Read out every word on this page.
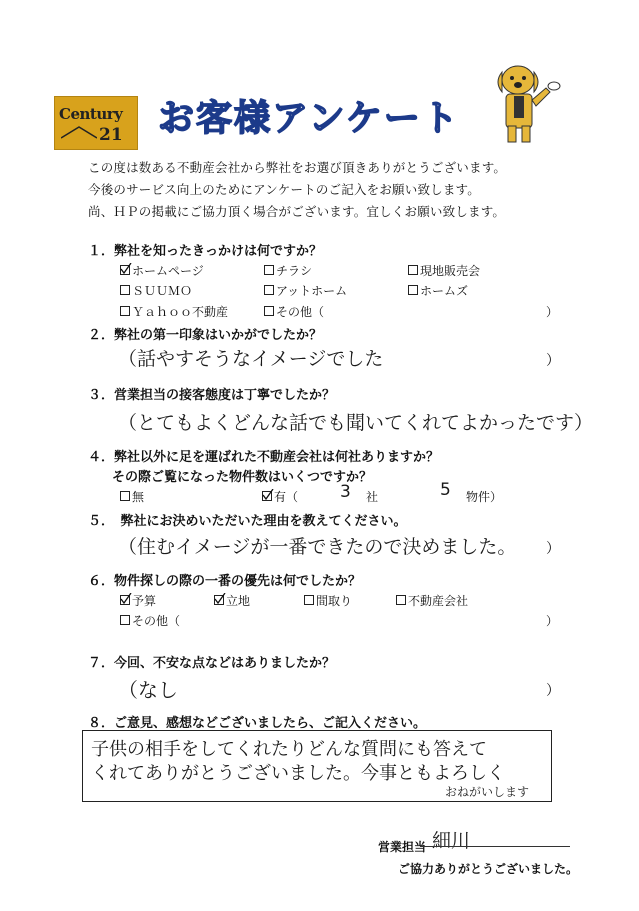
Century
21 お客様アンケート
この度は数ある不動産会社から弊社をお選び頂きありがとうございます。
今後のサービス向上のためにアンケートのご記入をお願い致します。
尚、ＨＰの掲載にご協力頂く場合がございます。宜しくお願い致します。
１．弊社を知ったきっかけは何ですか？
ホームページ	チラシ	現地販売会
ＳＵＵＭＯ	アットホーム	ホームズ
Ｙａｈｏｏ不動産	その他（	）
２．弊社の第一印象はいかがでしたか？
（話やすそうなイメージでした	）
３．営業担当の接客態度は丁寧でしたか？
（とてもよくどんな話でも聞いてくれてよかったです）
４．弊社以外に足を運ばれた不動産会社は何社ありますか？
その際ご覧になった物件数はいくつですか？
無	有（ 3 社	5 物件）
５．　弊社にお決めいただいた理由を教えてください。
（住むイメージが一番できたので決めました。 ）
６．物件探しの際の一番の優先は何でしたか？
予算	立地	間取り	不動産会社
その他（	）
７．今回、不安な点などはありましたか？
（なし	）
８．ご意見、感想などございましたら、ご記入ください。
子供の相手をしてくれたりどんな質問にも答えて
くれてありがとうございました。今事ともよろしく
おねがいします
営業担当 細川
ご協力ありがとうございました。
